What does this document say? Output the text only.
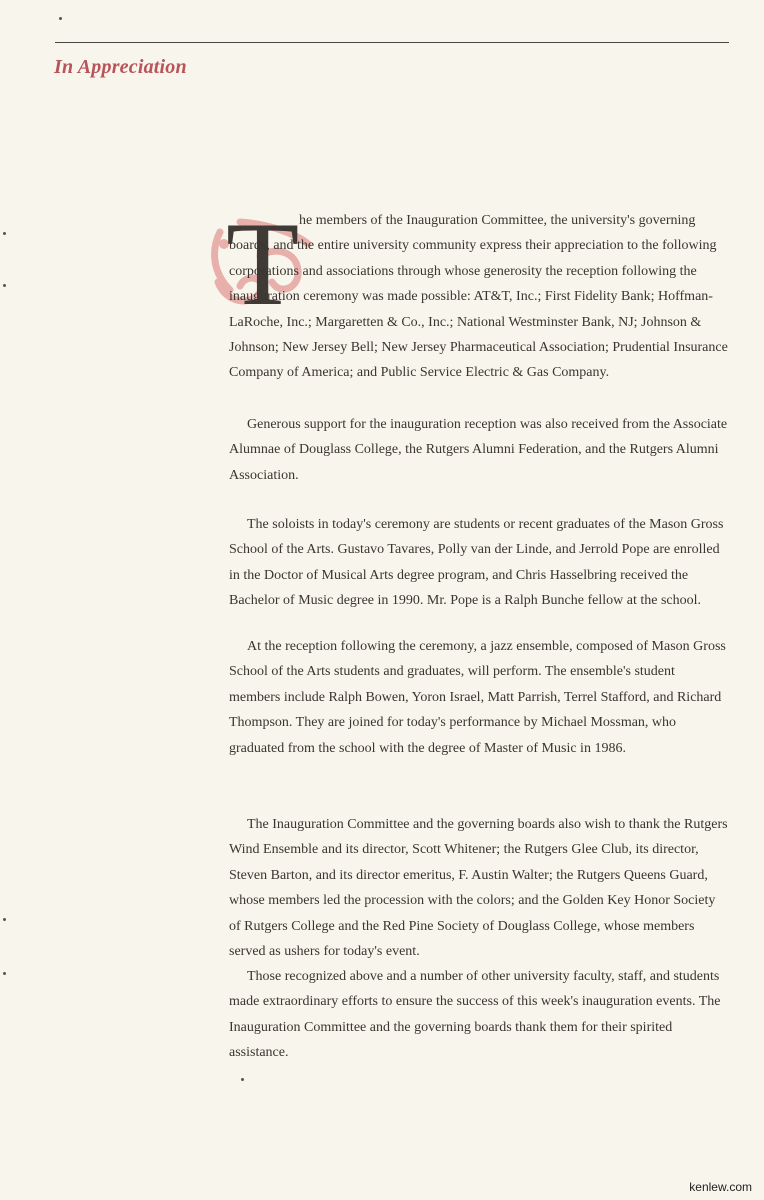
In Appreciation
T he members of the Inauguration Committee, the university's governing boards, and the entire university community express their appreciation to the following corporations and associations through whose generosity the reception following the inauguration ceremony was made possible: AT&T, Inc.; First Fidelity Bank; Hoffman-LaRoche, Inc.; Margaretten & Co., Inc.; National Westminster Bank, NJ; Johnson & Johnson; New Jersey Bell; New Jersey Pharmaceutical Association; Prudential Insurance Company of America; and Public Service Electric & Gas Company.

Generous support for the inauguration reception was also received from the Associate Alumnae of Douglass College, the Rutgers Alumni Federation, and the Rutgers Alumni Association.

The soloists in today's ceremony are students or recent graduates of the Mason Gross School of the Arts. Gustavo Tavares, Polly van der Linde, and Jerrold Pope are enrolled in the Doctor of Musical Arts degree program, and Chris Hasselbring received the Bachelor of Music degree in 1990. Mr. Pope is a Ralph Bunche fellow at the school.

At the reception following the ceremony, a jazz ensemble, composed of Mason Gross School of the Arts students and graduates, will perform. The ensemble's student members include Ralph Bowen, Yoron Israel, Matt Parrish, Terrel Stafford, and Richard Thompson. They are joined for today's performance by Michael Mossman, who graduated from the school with the degree of Master of Music in 1986.

The Inauguration Committee and the governing boards also wish to thank the Rutgers Wind Ensemble and its director, Scott Whitener; the Rutgers Glee Club, its director, Steven Barton, and its director emeritus, F. Austin Walter; the Rutgers Queens Guard, whose members led the procession with the colors; and the Golden Key Honor Society of Rutgers College and the Red Pine Society of Douglass College, whose members served as ushers for today's event.

Those recognized above and a number of other university faculty, staff, and students made extraordinary efforts to ensure the success of this week's inauguration events. The Inauguration Committee and the governing boards thank them for their spirited assistance.

kenlew.com
